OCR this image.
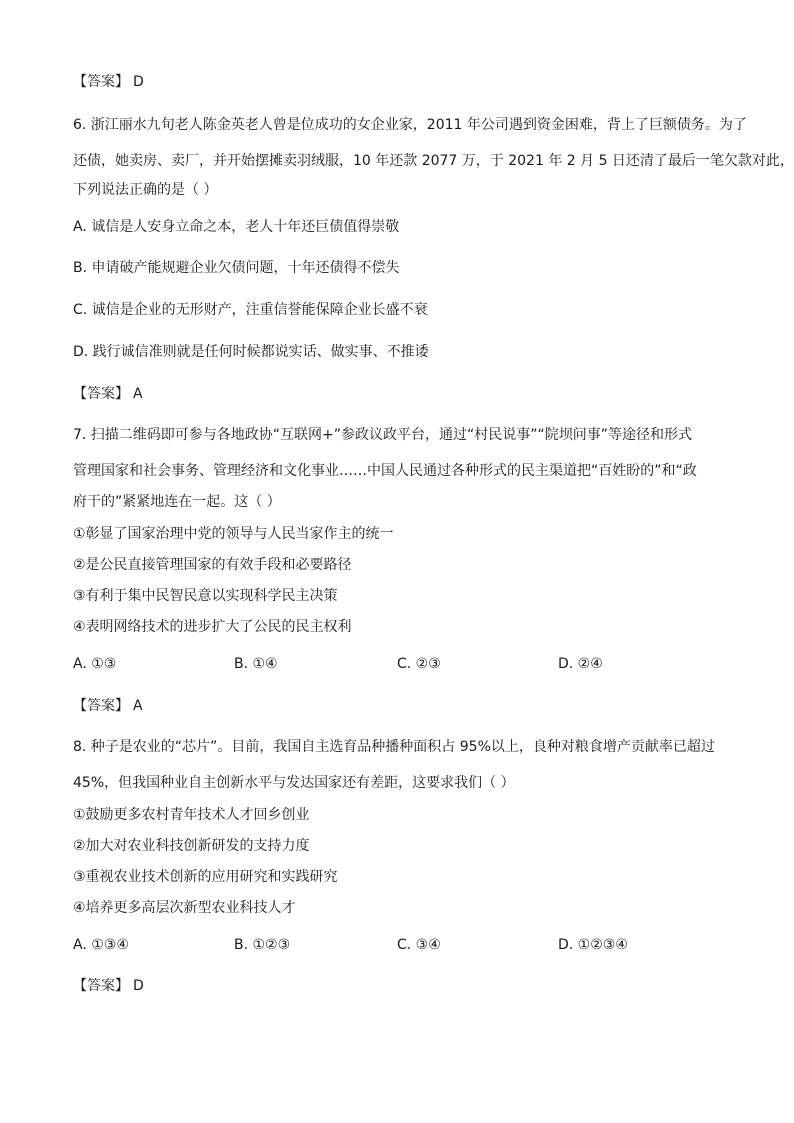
【答案】 D
6. 浙江丽水九旬老人陈金英老人曾是位成功的女企业家，2011 年公司遇到资金困难，背上了巨额债务。为了
还债，她卖房、卖厂，并开始摆摊卖羽绒服，10 年还款 2077 万，于 2021 年 2 月 5 日还清了最后一笔欠款对此，
下列说法正确的是（ ）
A. 诚信是人安身立命之本，老人十年还巨债值得崇敬
B. 申请破产能规避企业欠债问题，十年还债得不偿失
C. 诚信是企业的无形财产，注重信誉能保障企业长盛不衰
D. 践行诚信准则就是任何时候都说实话、做实事、不推诿
【答案】 A
7. 扫描二维码即可参与各地政协“互联网+”参政议政平台，通过“村民说事”“院坝问事”等途径和形式
管理国家和社会事务、管理经济和文化事业……中国人民通过各种形式的民主渠道把“百姓盼的”和“政
府干的”紧紧地连在一起。这（ ）
①彰显了国家治理中党的领导与人民当家作主的统一
②是公民直接管理国家的有效手段和必要路径
③有利于集中民智民意以实现科学民主决策
④表明网络技术的进步扩大了公民的民主权利
A. ①③	B. ①④	C. ②③	D. ②④
【答案】 A
8. 种子是农业的“芯片”。目前，我国自主选育品种播种面积占 95%以上，良种对粮食增产贡献率已超过
45%，但我国种业自主创新水平与发达国家还有差距，这要求我们（ ）
①鼓励更多农村青年技术人才回乡创业
②加大对农业科技创新研发的支持力度
③重视农业技术创新的应用研究和实践研究
④培养更多高层次新型农业科技人才
A. ①③④	B. ①②③	C. ③④	D. ①②③④
【答案】 D
